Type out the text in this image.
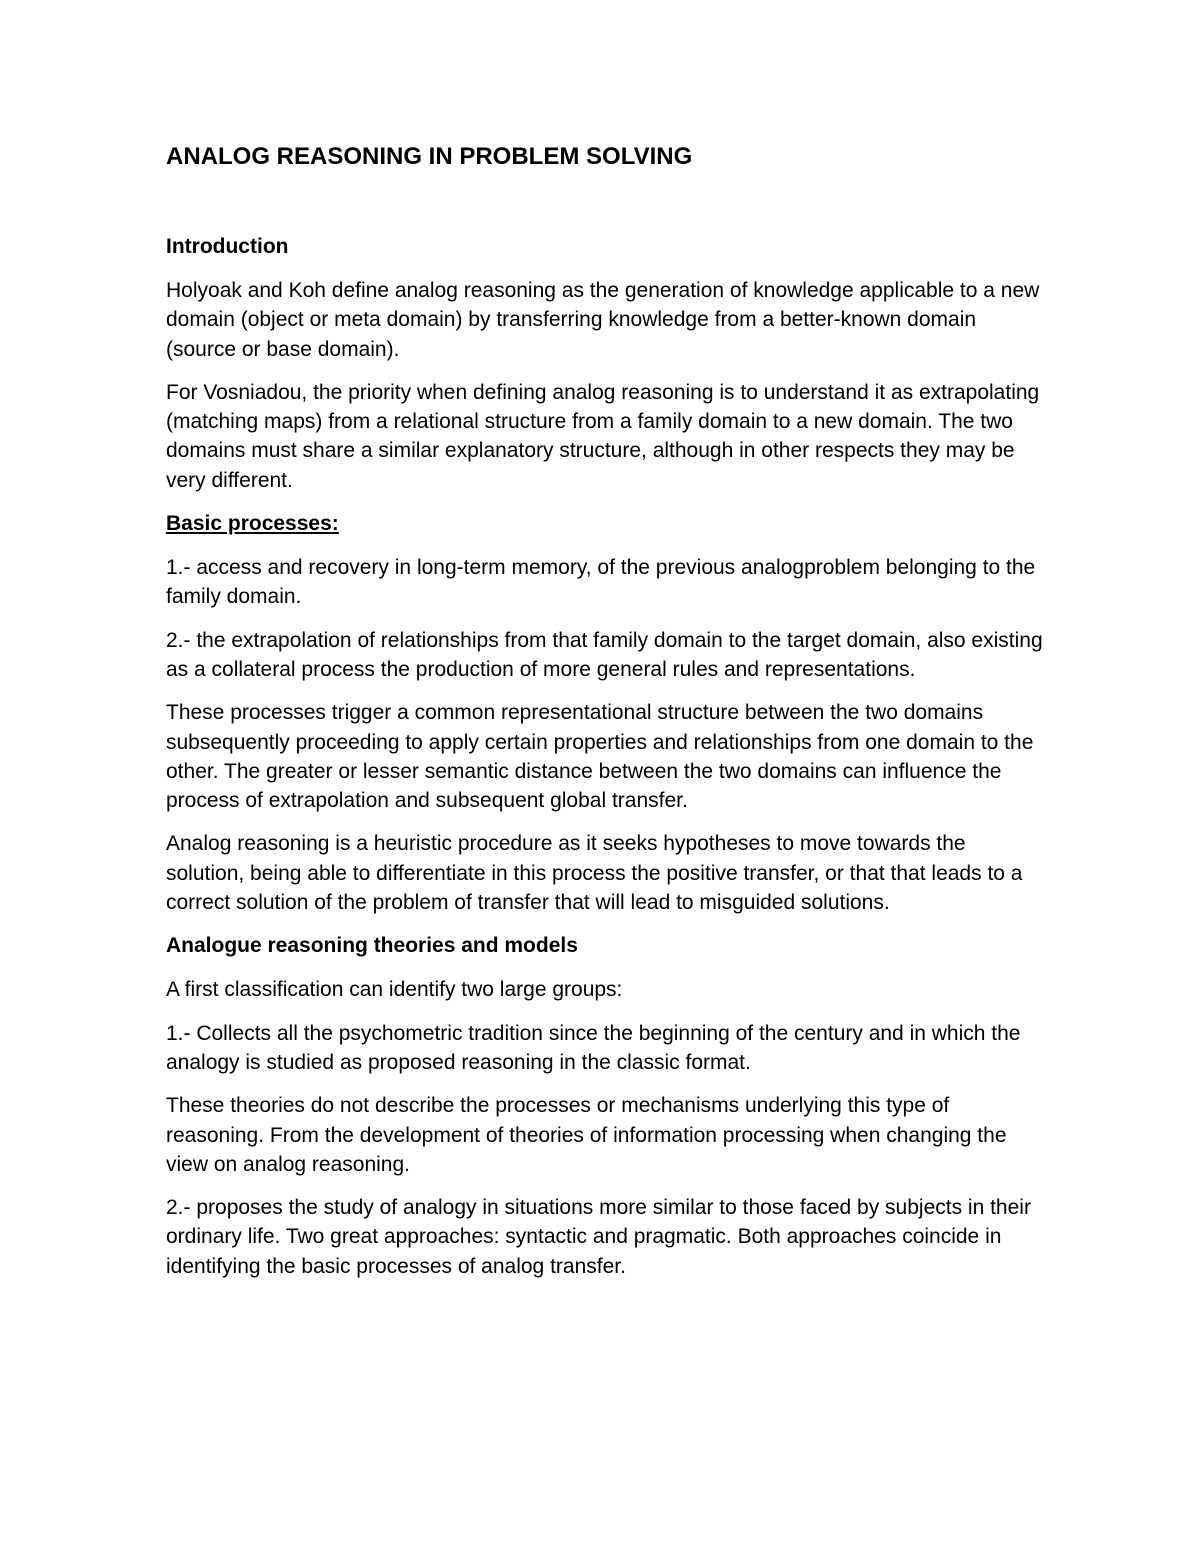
ANALOG REASONING IN PROBLEM SOLVING
Introduction

Holyoak and Koh define analog reasoning as the generation of knowledge applicable to a new domain (object or meta domain) by transferring knowledge from a better-known domain (source or base domain).

For Vosniadou, the priority when defining analog reasoning is to understand it as extrapolating (matching maps) from a relational structure from a family domain to a new domain. The two domains must share a similar explanatory structure, although in other respects they may be very different.

Basic processes:

1.- access and recovery in long-term memory, of the previous analogproblem belonging to the family domain.

2.- the extrapolation of relationships from that family domain to the target domain, also existing as a collateral process the production of more general rules and representations.

These processes trigger a common representational structure between the two domains subsequently proceeding to apply certain properties and relationships from one domain to the other. The greater or lesser semantic distance between the two domains can influence the process of extrapolation and subsequent global transfer.

Analog reasoning is a heuristic procedure as it seeks hypotheses to move towards the solution, being able to differentiate in this process the positive transfer, or that that leads to a correct solution of the problem of transfer that will lead to misguided solutions.

Analogue reasoning theories and models

A first classification can identify two large groups:

1.- Collects all the psychometric tradition since the beginning of the century and in which the analogy is studied as proposed reasoning in the classic format.

These theories do not describe the processes or mechanisms underlying this type of reasoning. From the development of theories of information processing when changing the view on analog reasoning.

2.- proposes the study of analogy in situations more similar to those faced by subjects in their ordinary life. Two great approaches: syntactic and pragmatic. Both approaches coincide in identifying the basic processes of analog transfer.
